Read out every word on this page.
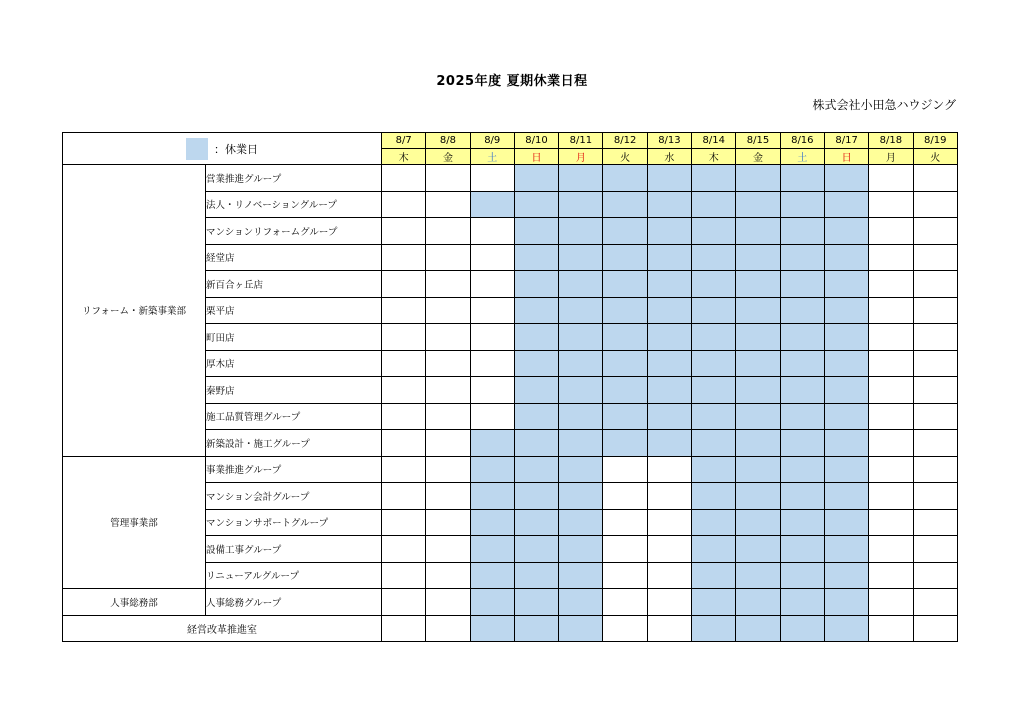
2025年度 夏期休業日程
株式会社小田急ハウジング
：休業日		8/7	8/8	8/9	8/10	8/11	8/12	8/13	8/14	8/15	8/16	8/17	8/18	8/19
		木	金	土	日	月	火	水	木	金	土	日	月	火
リフォーム・新築事業部	営業推進グループ													
	法人・リノベーショングループ													
	マンションリフォームグループ													
	経堂店													
	新百合ヶ丘店													
	栗平店													
	町田店													
	厚木店													
	秦野店													
	施工品質管理グループ													
	新築設計・施工グループ													
管理事業部	事業推進グループ													
	マンション会計グループ													
	マンションサポートグループ													
	設備工事グループ													
	リニューアルグループ													
人事総務部	人事総務グループ													
経営改革推進室														
